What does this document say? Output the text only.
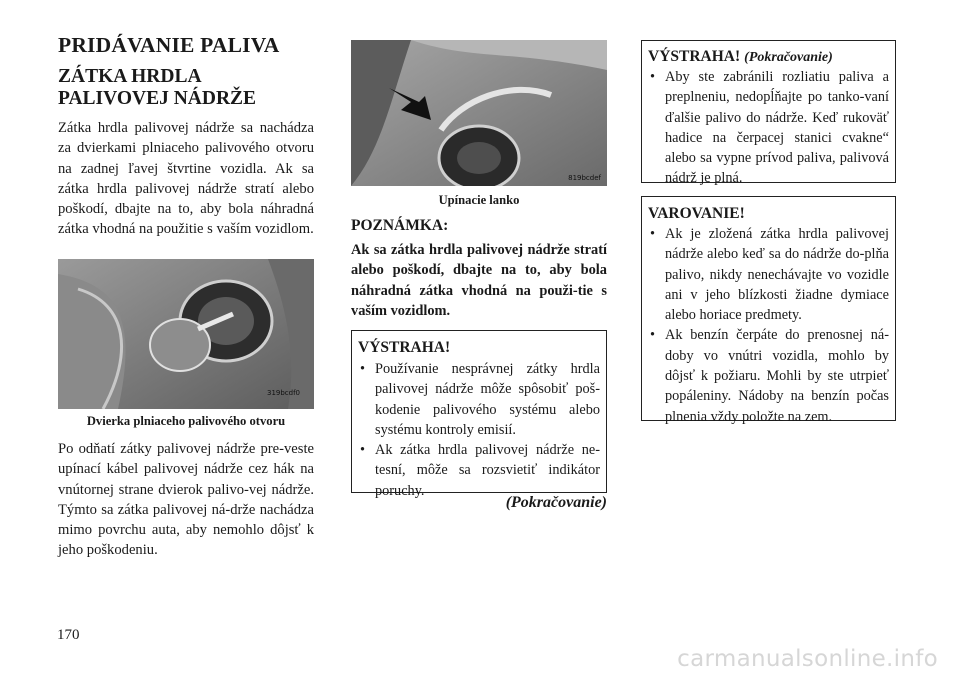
PRIDÁVANIE PALIVA
ZÁTKA HRDLA
PALIVOVEJ NÁDRŽE

Zátka hrdla palivovej nádrže sa nachádza za dvierkami plniaceho palivového otvoru na zadnej ľavej štvrtine vozidla. Ak sa zátka hrdla palivovej nádrže stratí alebo poškodí, dbajte na to, aby bola náhradná zátka vhodná na použitie s vaším vozidlom.

319bcdf0
Dvierka plniaceho palivového otvoru

Po odňatí zátky palivovej nádrže pre-veste upínací kábel palivovej nádrže cez hák na vnútornej strane dvierok palivo-vej nádrže. Týmto sa zátka palivovej ná-drže nachádza mimo povrchu auta, aby nemohlo dôjsť k jeho poškodeniu.

819bcdef
Upínacie lanko
POZNÁMKA:

Ak sa zátka hrdla palivovej nádrže stratí alebo poškodí, dbajte na to, aby bola náhradná zátka vhodná na použi-tie s vaším vozidlom.

VÝSTRAHA!

• Používanie nesprávnej zátky hrdla palivovej nádrže môže spôsobiť poš-kodenie palivového systému alebo systému kontroly emisií.
• Ak zátka hrdla palivovej nádrže ne-tesní, môže sa rozsvietiť indikátor poruchy.
(Pokračovanie)

VÝSTRAHA! (Pokračovanie)

• Aby ste zabránili rozliatiu paliva a preplneniu, nedopĺňajte po tanko-vaní ďalšie palivo do nádrže. Keď rukoväť hadice na čerpacej stanici cvakne“ alebo sa vypne prívod paliva, palivová nádrž je plná.

VAROVANIE!

• Ak je zložená zátka hrdla palivovej nádrže alebo keď sa do nádrže do-plňa palivo, nikdy nenechávajte vo vozidle ani v jeho blízkosti žiadne dymiace alebo horiace predmety.
• Ak benzín čerpáte do prenosnej ná-doby vo vnútri vozidla, mohlo by dôjsť k požiaru. Mohli by ste utrpieť popáleniny. Nádoby na benzín počas plnenia vždy položte na zem.
170
carmanualsonline.info
